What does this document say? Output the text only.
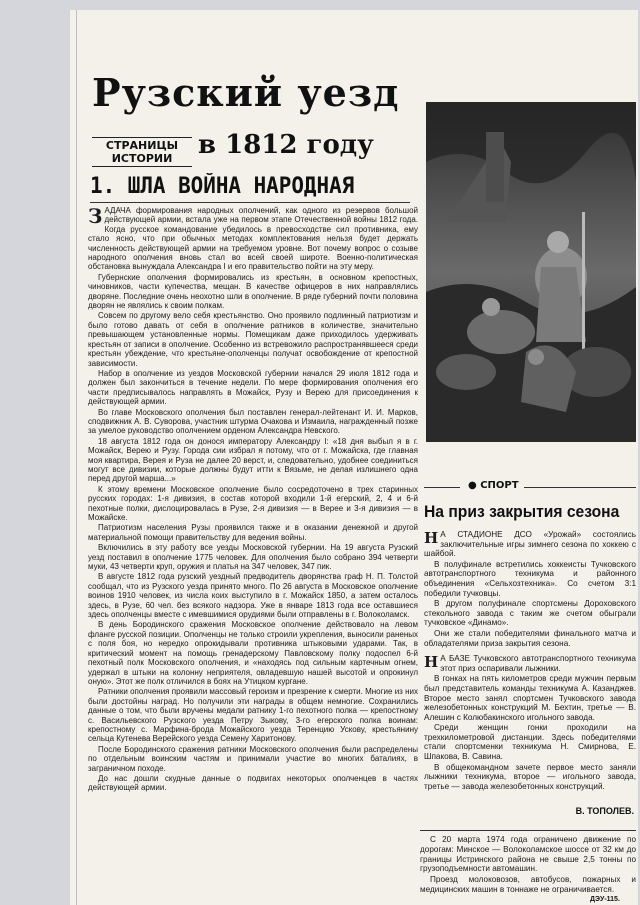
Рузский уезд
СТРАНИЦЫ
ИСТОРИИ в 1812 году
1. ШЛА ВОЙНА НАРОДНАЯ

ЗАДАЧА формирования народных ополчений, как одного из резервов большой действующей армии, встала уже на первом этапе Отечественной войны 1812 года. Когда русское командование убедилось в превосходстве сил противника, ему стало ясно, что при обычных методах комплектования нельзя будет держать численность действующей армии на требуемом уровне. Вот почему вопрос о созыве народного ополчения вновь стал во всей своей широте. Военно-политическая обстановка вынуждала Александра I и его правительство пойти на эту меру.

Губернские ополчения формировались из крестьян, в основном крепостных, чиновников, части купечества, мещан. В качестве офицеров в них направлялись дворяне. Последние очень неохотно шли в ополчение. В ряде губерний почти половина дворян не являлись к своим полкам.

Совсем по другому вело себя крестьянство. Оно проявило подлинный патриотизм и было готово давать от себя в ополчение ратников в количестве, значительно превышающем установленные нормы. Помещикам даже приходилось удерживать крестьян от записи в ополчение. Особенно из встревожило распространявшееся среди крестьян убеждение, что крестьяне-ополченцы получат освобождение от крепостной зависимости.

Набор в ополчение из уездов Московской губернии начался 29 июля 1812 года и должен был закончиться в течение недели. По мере формирования ополчения его части предписывалось направлять в Можайск, Рузу и Верею для присоединения к действующей армии.

Во главе Московского ополчения был поставлен генерал-лейтенант И. И. Марков, сподвижник А. В. Суворова, участник штурма Очакова и Измаила, награжденный позже за умелое руководство ополчением орденом Александра Невского.

18 августа 1812 года он донося императору Александру I: «18 дня выбыл я в г. Можайск, Верею и Рузу. Города сии избрал я потому, что от г. Можайска, где главная моя квартира, Верея и Руза не далее 20 верст, и, следовательно, удобнее соединиться могут все дивизии, которые должны будут итти к Вязьме, не делая излишнего одна перед другой марша...»

К этому времени Московское ополчение было сосредоточено в трех старинных русских городах: 1-я дивизия, в состав которой входили 1-й егерский, 2, 4 и 6-й пехотные полки, дислоцировалась в Рузе, 2-я дивизия — в Верее и 3-я дивизия — в Можайске.

Патриотизм населения Рузы проявился также и в оказании денежной и другой материальной помощи правительству для ведения войны.

Включились в эту работу все уезды Московской губернии. На 19 августа Рузский уезд поставил в ополчение 1775 человек. Для ополчения было собрано 394 четверти муки, 43 четверти круп, оружия и платья на 347 человек, 347 пик.

В августе 1812 года рузский уездный предводитель дворянства граф Н. П. Толстой сообщал, что из Рузского уезда принято много. По 26 августа в Московское ополчение воинов 1910 человек, из числа коих выступило в г. Можайск 1850, а затем осталось здесь, в Рузе, 60 чел. без всякого надзора. Уже в январе 1813 года все оставшиеся здесь ополченцы вместе с имевшимися орудиями были отправлены в г. Волоколамск.

В день Бородинского сражения Московское ополчение действовало на левом фланге русской позиции. Ополченцы не только строили укрепления, выносили раненых с поля боя, но нередко опрокидывали противника штыковыми ударами. Так, в критический момент на помощь гренадерскому Павловскому полку подоспел 6-й пехотный полк Московского ополчения, и «находясь под сильным картечным огнем, удержал в штыки на колонну неприятеля, овладевшую нашей высотой и опрокинул оную». Этот же полк отличился в боях на Утицком кургане.

Ратники ополчения проявили массовый героизм и презрение к смерти. Многие из них были достойны наград. Но получили эти награды в общем немногие. Сохранились данные о том, что были вручены медали ратнику 1-го пехотного полка — крепостному с. Васильевского Рузского уезда Петру Зыкову, 3-го егерского полка воинам: крепостному с. Марфина-брода Можайского уезда Теренцию Ускову, крестьянину сельца Кутенева Верейского уезда Семену Харитонову.

После Бородинского сражения ратники Московского ополчения были распределены по отдельным воинским частям и принимали участие во многих баталиях, в заграничном походе.

До нас дошли скудные данные о подвигах некоторых ополченцев в частях действующей армии.

● СПОРТ
На приз закрытия сезона

Н А СТАДИОНЕ ДСО «Урожай» состоялись заключительные игры зимнего сезона по хоккею с шайбой.

В полуфинале встретились хоккеисты Тучковского автотранспортного техникума и районного объединения «Сельхозтехника». Со счетом 3:1 победили тучковцы.

В другом полуфинале спортсмены Дороховского стекольного завода с таким же счетом обыграли тучковское «Динамо».

Они же стали победителями финального матча и обладателями приза закрытия сезона.

Н А БАЗЕ Тучковского автотранспортного техникума этот приз оспаривали лыжники.

В гонках на пять километров среди мужчин первым был представитель команды техникума А. Казанджев. Второе место занял спортсмен Тучковского завода железобетонных конструкций М. Бехтин, третье — В. Алешин с Колюбакинского игольного завода.

Среди женщин гонки проходили на трехкилометровой дистанции. Здесь победителями стали спортсменки техникума Н. Смирнова, Е. Шпакова, В. Савина.

В общекомандном зачете первое место заняли лыжники техникума, второе — игольного завода, третье — завода железобетонных конструкций.

В. ТОПОЛЕВ.

С 20 марта 1974 года ограничено движение по дорогам: Минское — Волоколамское шоссе от 32 км до границы Истринского района не свыше 2,5 тонны по грузоподъемности автомашин.

Проезд молоковозов, автобусов, пожарных и медицинских машин в тоннаже не ограничивается.

ДЭУ-115.
